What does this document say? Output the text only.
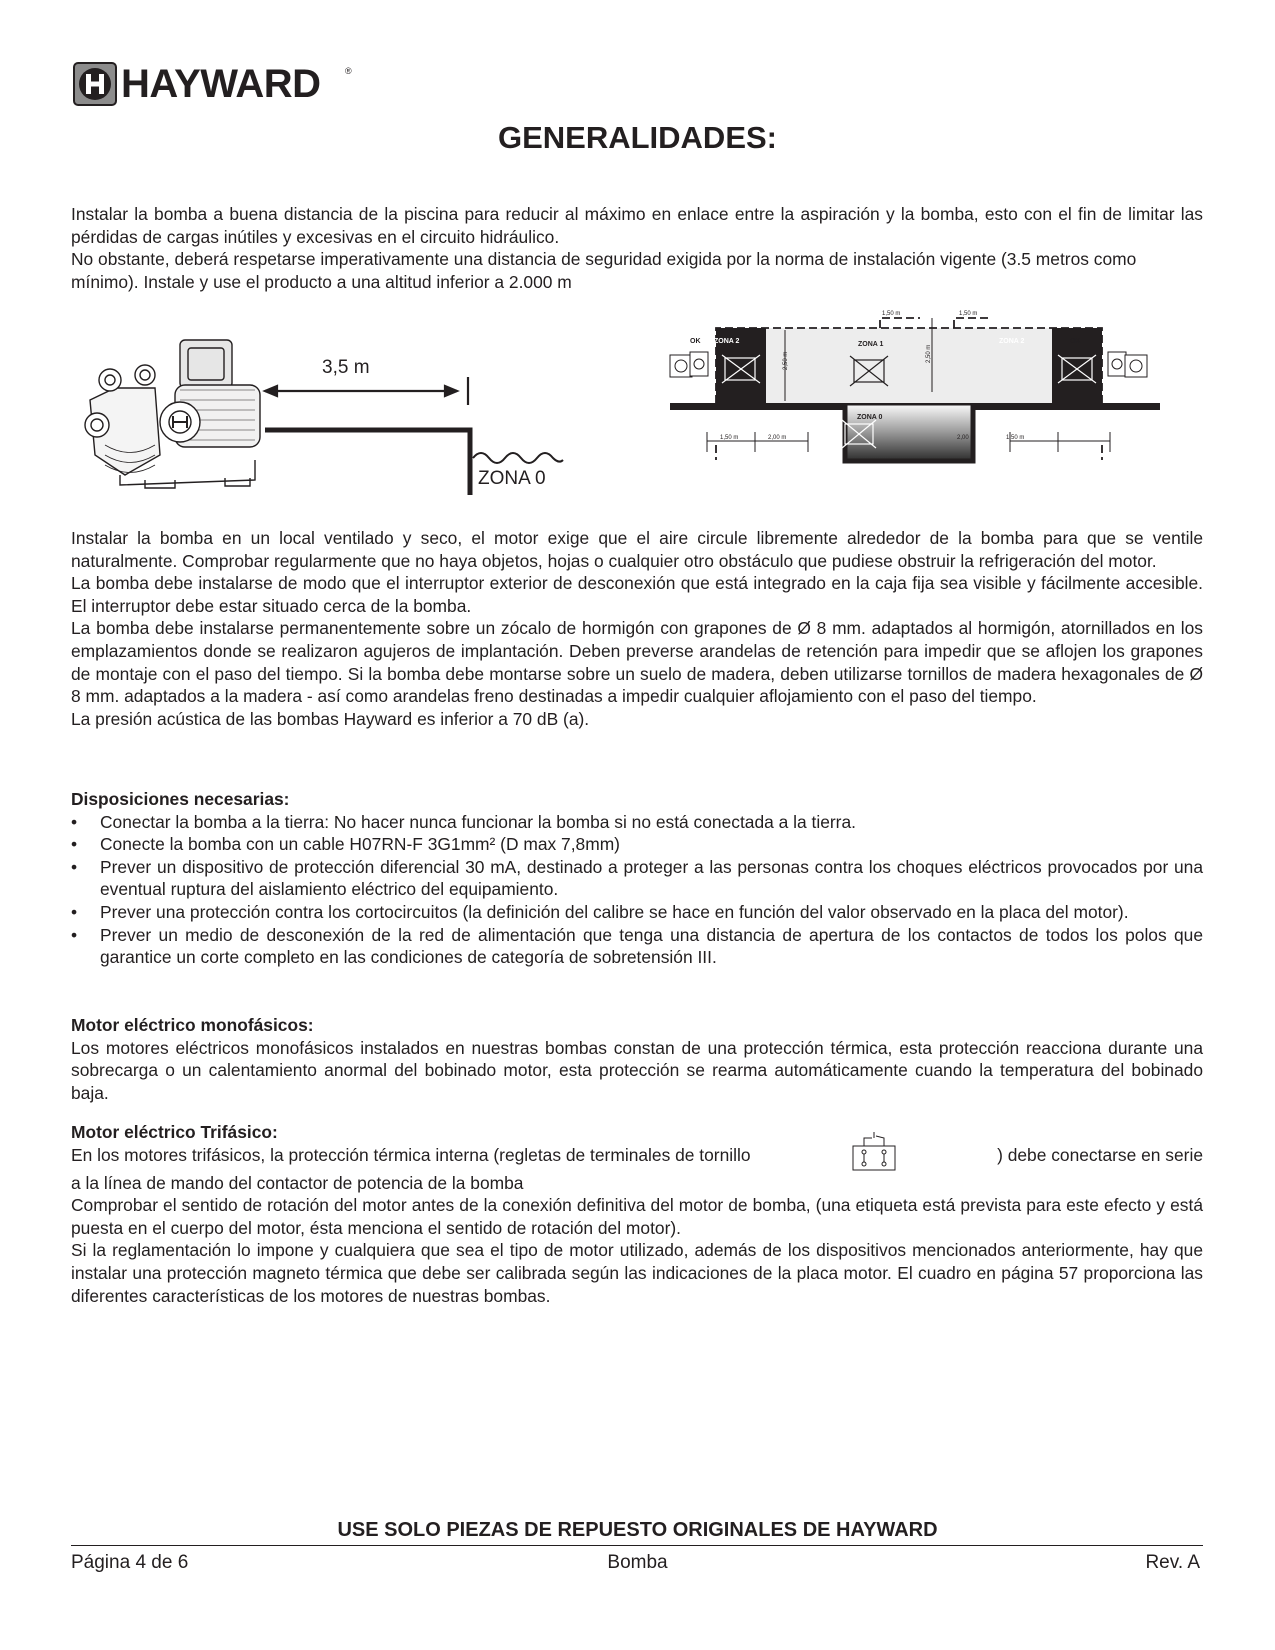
HAYWARD	®
GENERALIDADES:

Instalar la bomba a buena distancia de la piscina para reducir al máximo en enlace entre la aspiración y la bomba, esto con el fin de limitar las pérdidas de cargas inútiles y excesivas en el circuito hidráulico.

No obstante, deberá respetarse imperativamente una distancia de seguridad exigida por la norma de instalación vigente (3.5 metros como mínimo). Instale y use el producto a una altitud inferior a 2.000 m

3,5 m
ZONA 0
OK	OK
ZONA 2	ZONA 2
ZONA 1
ZONA 0
1,50 m	1,50 m
1,50 m	2,00 m	2,00 m	1,50 m
2,50 m	2,50 m

Instalar la bomba en un local ventilado y seco, el motor exige que el aire circule libremente alrededor de la bomba para que se ventile naturalmente. Comprobar regularmente que no haya objetos, hojas o cualquier otro obstáculo que pudiese obstruir la refrigeración del motor.

La bomba debe instalarse de modo que el interruptor exterior de desconexión que está integrado en la caja fija sea visible y fácilmente accesible. El interruptor debe estar situado cerca de la bomba.

La bomba debe instalarse permanentemente sobre un zócalo de hormigón con grapones de Ø 8 mm. adaptados al hormigón, atornillados en los emplazamientos donde se realizaron agujeros de implantación. Deben preverse arandelas de retención para impedir que se aflojen los grapones de montaje con el paso del tiempo. Si la bomba debe montarse sobre un suelo de madera, deben utilizarse tornillos de madera hexagonales de Ø 8 mm. adaptados a la madera - así como arandelas freno destinadas a impedir cualquier aflojamiento con el paso del tiempo.

La presión acústica de las bombas Hayward es inferior a 70 dB (a).

Disposiciones necesarias:
• Conectar la bomba a la tierra: No hacer nunca funcionar la bomba si no está conectada a la tierra.
• Conecte la bomba con un cable H07RN-F 3G1mm² (D max 7,8mm)
• Prever un dispositivo de protección diferencial 30 mA, destinado a proteger a las personas contra los choques eléctricos provocados por una eventual ruptura del aislamiento eléctrico del equipamiento.
• Prever una protección contra los cortocircuitos (la definición del calibre se hace en función del valor observado en la placa del motor).
• Prever un medio de desconexión de la red de alimentación que tenga una distancia de apertura de los contactos de todos los polos que garantice un corte completo en las condiciones de categoría de sobretensión III.
Motor eléctrico monofásicos:

Los motores eléctricos monofásicos instalados en nuestras bombas constan de una protección térmica, esta protección reacciona durante una sobrecarga o un calentamiento anormal del bobinado motor, esta protección se rearma automáticamente cuando la temperatura del bobinado baja.

Motor eléctrico Trifásico:
En los motores trifásicos, la protección térmica interna (regletas de terminales de tornillo	) debe conectarse en serie

a la línea de mando del contactor de potencia de la bomba

Comprobar el sentido de rotación del motor antes de la conexión definitiva del motor de bomba, (una etiqueta está prevista para este efecto y está puesta en el cuerpo del motor, ésta menciona el sentido de rotación del motor).

Si la reglamentación lo impone y cualquiera que sea el tipo de motor utilizado, además de los dispositivos mencionados anteriormente, hay que instalar una protección magneto térmica que debe ser calibrada según las indicaciones de la placa motor. El cuadro en página 57 proporciona las diferentes características de los motores de nuestras bombas.

USE SOLO PIEZAS DE REPUESTO ORIGINALES DE HAYWARD
Página 4 de 6	Bomba	Rev. A
